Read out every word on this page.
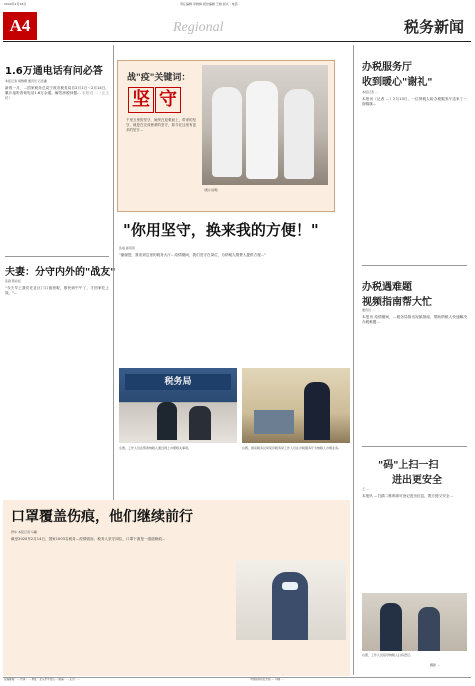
2020年2月18日	责任编辑 李晓梅 视觉编辑 王晓 版式 · 电话 ·
A4	Regional	税务新闻
1.6万通电话有问必答
本报记者 胡雅娜 通讯员 石佳鑫
新的一月，…国家税务总局宁波市税务局自2月1日～2月14日，累计接听咨询电话1.6万余通，解答涉税问题… 本报讯 …（正文略）
夫妻：分守内外的"战友"
张颖 陈彩虹
"今天早上我们在社区门口值班呢，都快到中午了，才回家吃上饭。"…
战"疫"关键词：
坚 守
千里万里的坚守，始终在迎难而上，带来的坚守，就是在完成使命的坚守，如今在这里有更多的坚守…
（图片说明）
"你用坚守，换来我的方便！"
张丽 崔思思
"谢谢您，我来到这里的税务大厅…疫情期间，我们坚守在岗位，为纳税人缴费人提供方便…"
税务局
左图，工作人员在帮助纳税人通过网上办理相关事项。	右图，国家税务总局某县税务局工作人员在办税服务厅为纳税人办理业务。
口罩覆盖伤痕，他们继续前行
舒华 本报记者 马曦
截至2020年2月14日，国家1003名税务…疫情面前，税务人坚守岗位，口罩下面是一道道勒痕…
办税服务厅
收到暖心"谢礼"
本报记者 …
本报讯（记者 …）2月13日，一位纳税人给办税服务厅送来了一面锦旗…
办税遇难题
视频指南帮大忙
通讯员 …
本报讯 疫情期间，…税务局推出视频指南，帮助纳税人快速解决办税难题…
"码"上扫一扫
进出更安全
王 …
本报讯 …扫描二维码即可登记进出信息，既方便又安全…
右图，工作人员指导纳税人扫码登记。
摄影 …
投稿邮箱：… 传真：… 地址：北京市丰台区… 邮编：… 定价：…	中国税务报社出版 … 印刷 …
